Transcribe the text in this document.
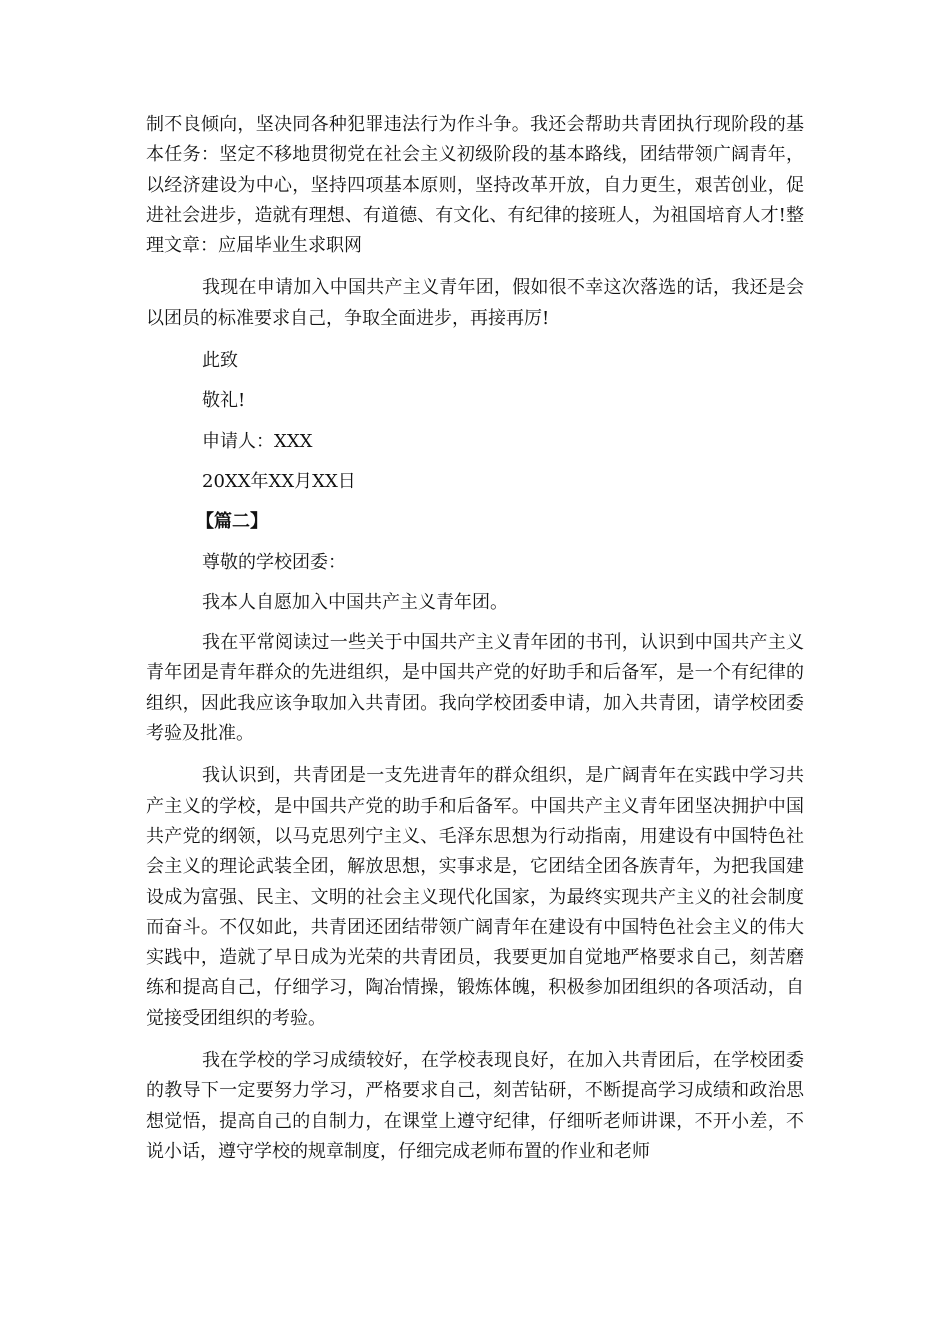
制不良倾向，坚决同各种犯罪违法行为作斗争。我还会帮助共青团执行现阶段的基本任务：坚定不移地贯彻党在社会主义初级阶段的基本路线，团结带领广阔青年，以经济建设为中心，坚持四项基本原则，坚持改革开放，自力更生，艰苦创业，促进社会进步，造就有理想、有道德、有文化、有纪律的接班人，为祖国培育人才!整理文章：应届毕业生求职网

我现在申请加入中国共产主义青年团，假如很不幸这次落选的话，我还是会以团员的标准要求自己，争取全面进步，再接再厉!

此致

敬礼!

申请人：XXX

20XX年XX月XX日

【篇二】

尊敬的学校团委：

我本人自愿加入中国共产主义青年团。

我在平常阅读过一些关于中国共产主义青年团的书刊，认识到中国共产主义青年团是青年群众的先进组织，是中国共产党的好助手和后备军，是一个有纪律的组织，因此我应该争取加入共青团。我向学校团委申请，加入共青团，请学校团委考验及批准。

我认识到，共青团是一支先进青年的群众组织，是广阔青年在实践中学习共产主义的学校，是中国共产党的助手和后备军。中国共产主义青年团坚决拥护中国共产党的纲领，以马克思列宁主义、毛泽东思想为行动指南，用建设有中国特色社会主义的理论武装全团，解放思想，实事求是，它团结全团各族青年，为把我国建设成为富强、民主、文明的社会主义现代化国家，为最终实现共产主义的社会制度而奋斗。不仅如此，共青团还团结带领广阔青年在建设有中国特色社会主义的伟大实践中，造就了早日成为光荣的共青团员，我要更加自觉地严格要求自己，刻苦磨练和提高自己，仔细学习，陶冶情操，锻炼体魄，积极参加团组织的各项活动，自觉接受团组织的考验。

我在学校的学习成绩较好，在学校表现良好，在加入共青团后，在学校团委的教导下一定要努力学习，严格要求自己，刻苦钻研，不断提高学习成绩和政治思想觉悟，提高自己的自制力，在课堂上遵守纪律，仔细听老师讲课，不开小差，不说小话，遵守学校的规章制度，仔细完成老师布置的作业和老师
